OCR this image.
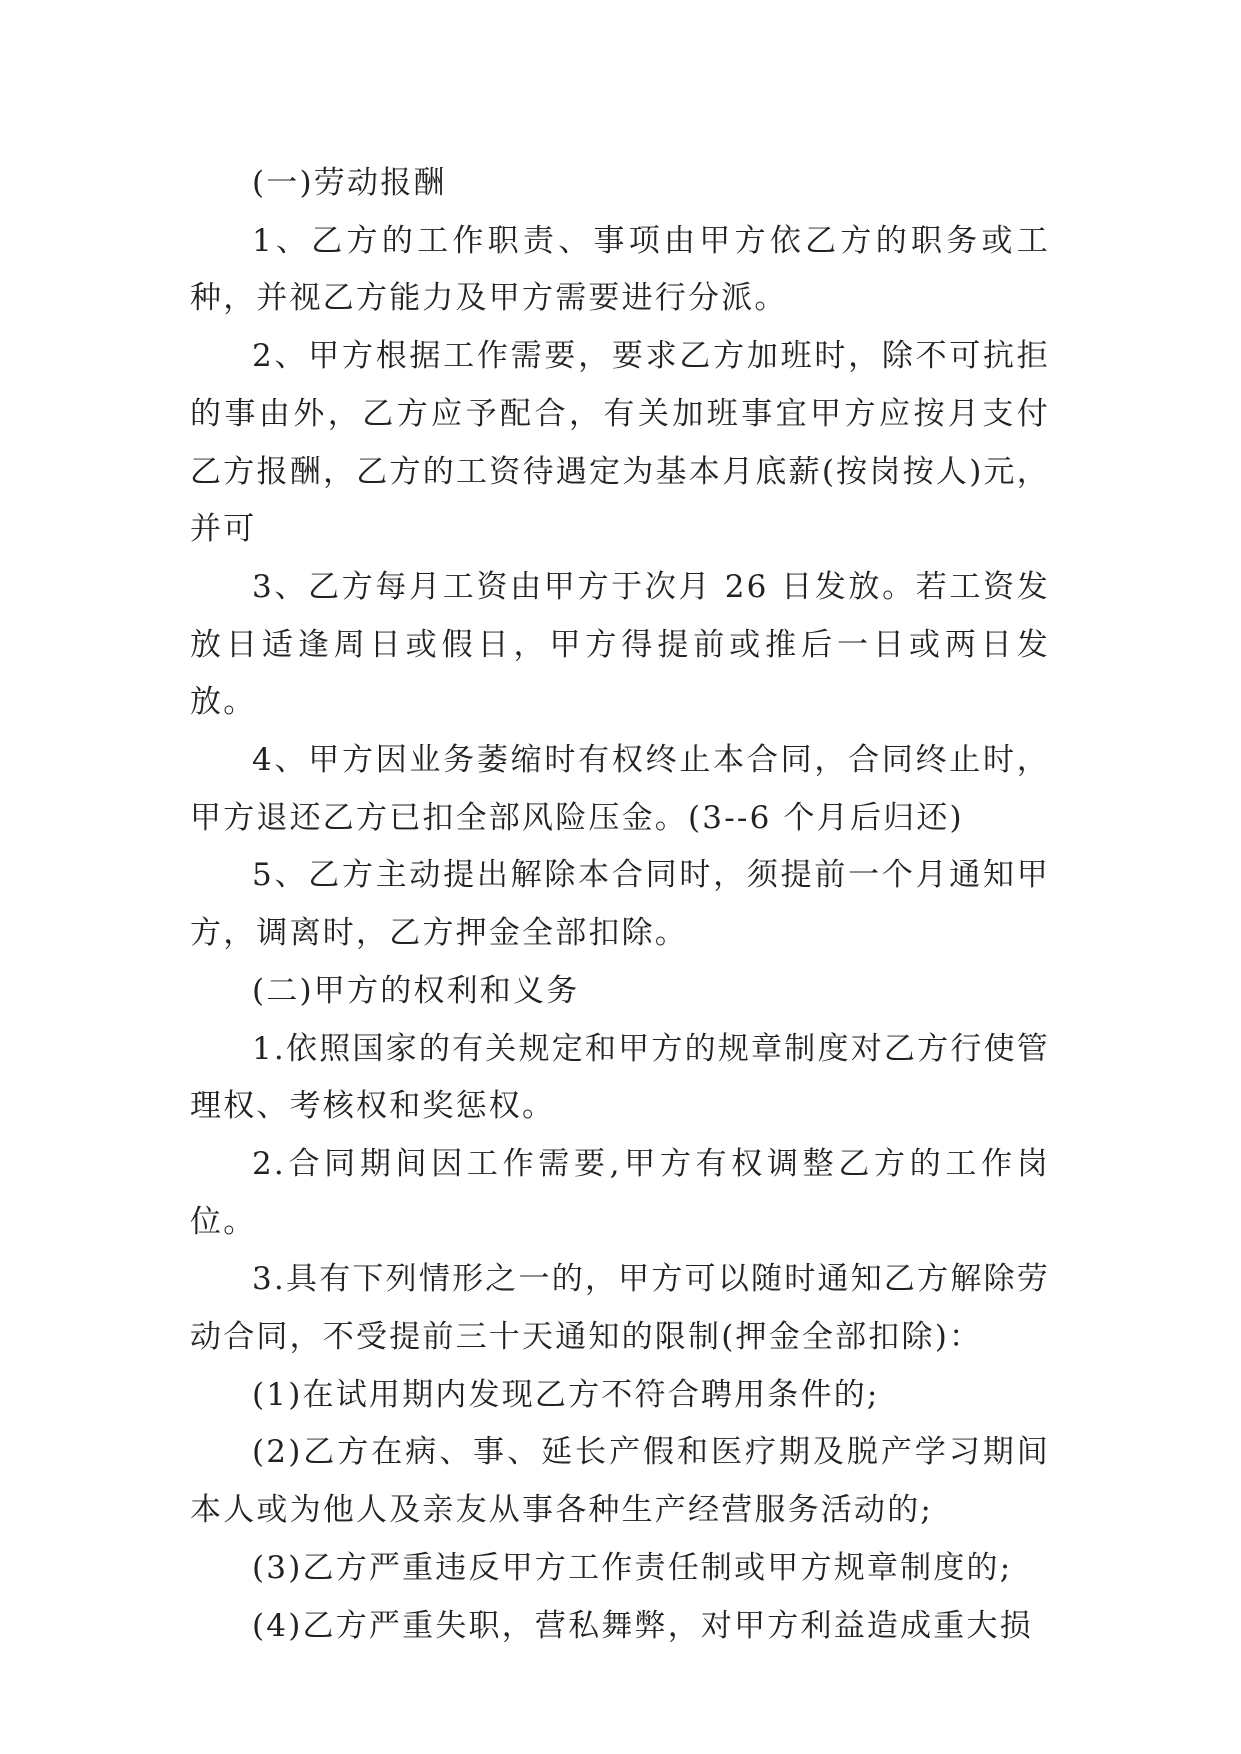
(一)劳动报酬

1、乙方的工作职责、事项由甲方依乙方的职务或工种，并视乙方能力及甲方需要进行分派。

2、甲方根据工作需要，要求乙方加班时，除不可抗拒的事由外，乙方应予配合，有关加班事宜甲方应按月支付乙方报酬，乙方的工资待遇定为基本月底薪(按岗按人)元，并可

3、乙方每月工资由甲方于次月 26 日发放。若工资发放日适逢周日或假日，甲方得提前或推后一日或两日发放。

4、甲方因业务萎缩时有权终止本合同，合同终止时，甲方退还乙方已扣全部风险压金。(3--6 个月后归还)

5、乙方主动提出解除本合同时，须提前一个月通知甲方，调离时，乙方押金全部扣除。

(二)甲方的权利和义务

1.依照国家的有关规定和甲方的规章制度对乙方行使管理权、考核权和奖惩权。

2.合同期间因工作需要,甲方有权调整乙方的工作岗位。

3.具有下列情形之一的，甲方可以随时通知乙方解除劳动合同，不受提前三十天通知的限制(押金全部扣除)：

(1)在试用期内发现乙方不符合聘用条件的;

(2)乙方在病、事、延长产假和医疗期及脱产学习期间本人或为他人及亲友从事各种生产经营服务活动的;

(3)乙方严重违反甲方工作责任制或甲方规章制度的;

(4)乙方严重失职，营私舞弊，对甲方利益造成重大损
